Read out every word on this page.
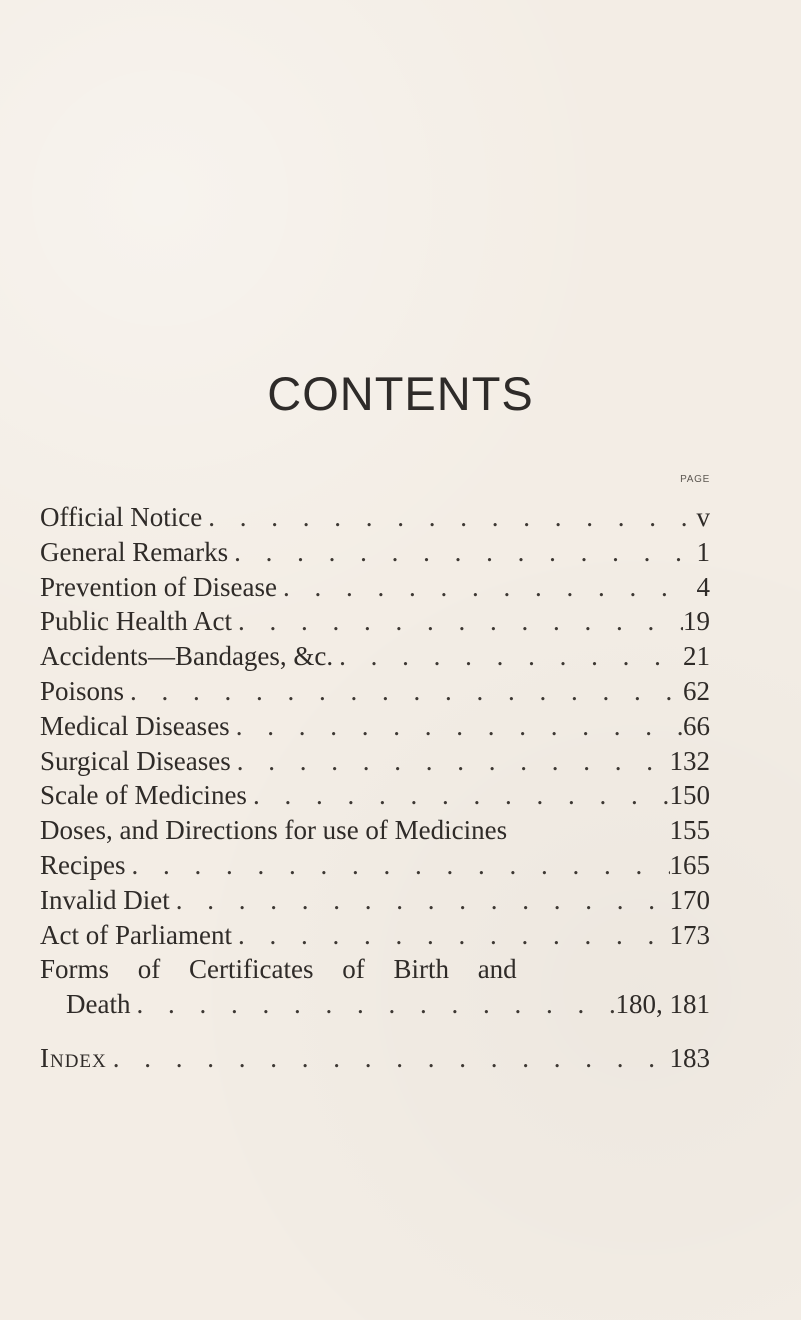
CONTENTS
PAGE
Official Notice . . .	v
General Remarks . . .	1
Prevention of Disease . . .	4
Public Health Act . . .	19
Accidents—Bandages, &c. . . .	21
Poisons . . .	62
Medical Diseases . . .	66
Surgical Diseases . . .	132
Scale of Medicines . . .	150
Doses, and Directions for use of Medicines	155
Recipes . . .	165
Invalid Diet . . .	170
Act of Parliament . . .	173
Forms of Certificates of Birth and
Death . . .	180, 181
Index . . .	183
